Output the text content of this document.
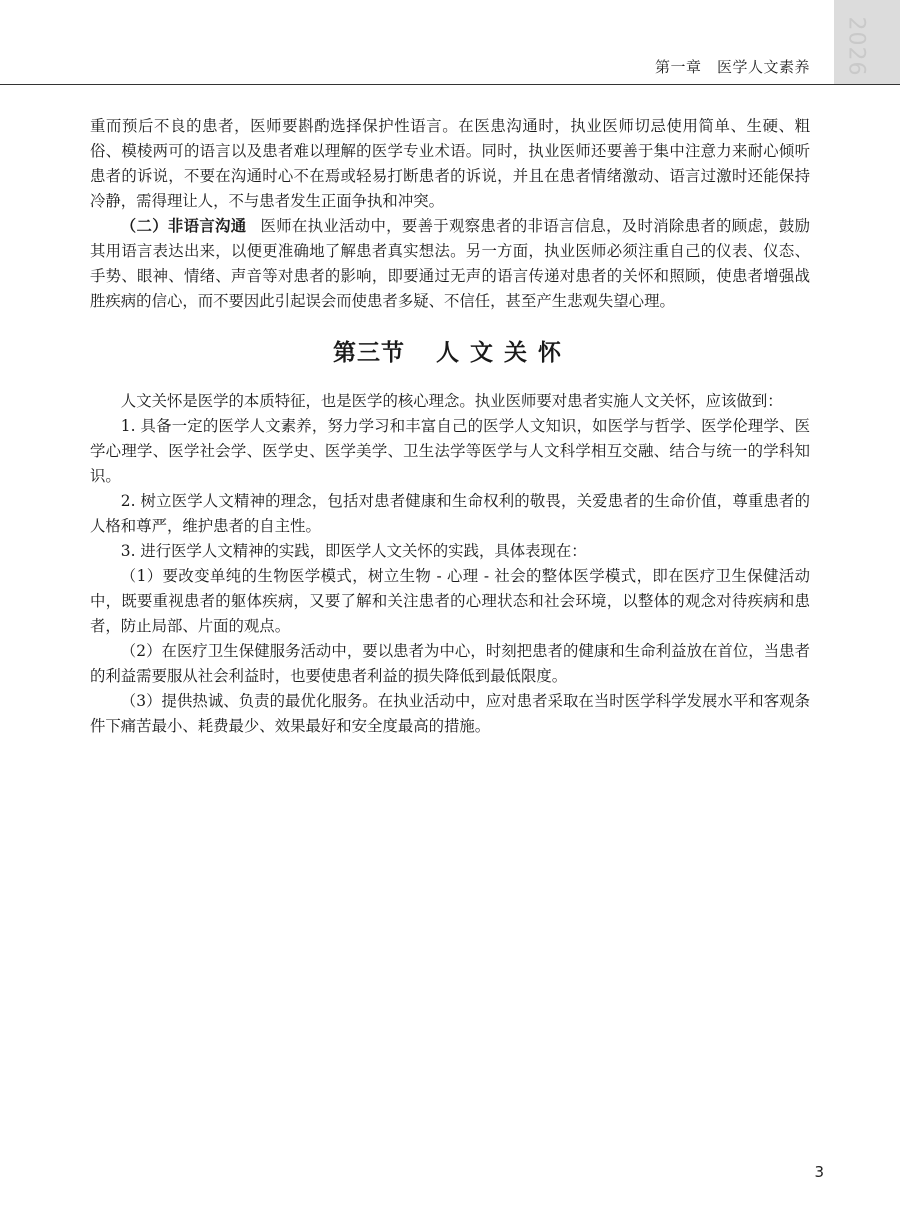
2026
第一章　医学人文素养

重而预后不良的患者，医师要斟酌选择保护性语言。在医患沟通时，执业医师切忌使用简单、生硬、粗俗、模棱两可的语言以及患者难以理解的医学专业术语。同时，执业医师还要善于集中注意力来耐心倾听患者的诉说，不要在沟通时心不在焉或轻易打断患者的诉说，并且在患者情绪激动、语言过激时还能保持冷静，需得理让人，不与患者发生正面争执和冲突。

（二）非语言沟通 医师在执业活动中，要善于观察患者的非语言信息，及时消除患者的顾虑，鼓励其用语言表达出来，以便更准确地了解患者真实想法。另一方面，执业医师必须注重自己的仪表、仪态、手势、眼神、情绪、声音等对患者的影响，即要通过无声的语言传递对患者的关怀和照顾，使患者增强战胜疾病的信心，而不要因此引起误会而使患者多疑、不信任，甚至产生悲观失望心理。

第三节 人 文 关 怀

人文关怀是医学的本质特征，也是医学的核心理念。执业医师要对患者实施人文关怀，应该做到：

1. 具备一定的医学人文素养，努力学习和丰富自己的医学人文知识，如医学与哲学、医学伦理学、医学心理学、医学社会学、医学史、医学美学、卫生法学等医学与人文科学相互交融、结合与统一的学科知识。

2. 树立医学人文精神的理念，包括对患者健康和生命权利的敬畏，关爱患者的生命价值，尊重患者的人格和尊严，维护患者的自主性。

3. 进行医学人文精神的实践，即医学人文关怀的实践，具体表现在：

（1）要改变单纯的生物医学模式，树立生物 - 心理 - 社会的整体医学模式，即在医疗卫生保健活动中，既要重视患者的躯体疾病，又要了解和关注患者的心理状态和社会环境，以整体的观念对待疾病和患者，防止局部、片面的观点。

（2）在医疗卫生保健服务活动中，要以患者为中心，时刻把患者的健康和生命利益放在首位，当患者的利益需要服从社会利益时，也要使患者利益的损失降低到最低限度。

（3）提供热诚、负责的最优化服务。在执业活动中，应对患者采取在当时医学科学发展水平和客观条件下痛苦最小、耗费最少、效果最好和安全度最高的措施。

3
